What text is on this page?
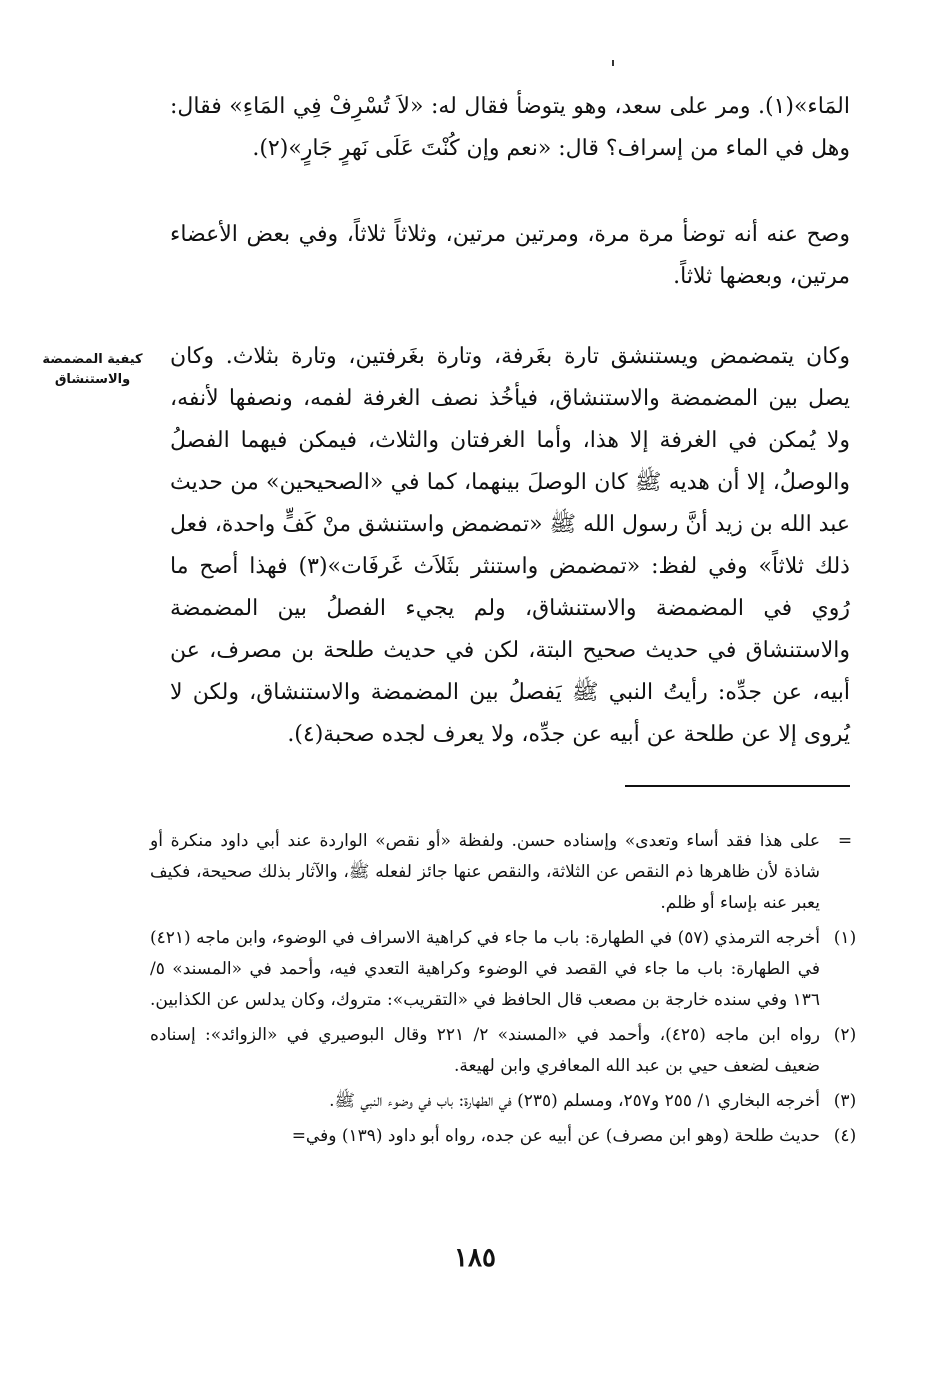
المَاء»(١). ومر على سعد، وهو يتوضأ فقال له: «لاَ تُسْرِفْ فِي المَاءِ» فقال: وهل في الماء من إسراف؟ قال: «نعم وإن كُنْتَ عَلَى نَهرٍ جَارٍ»(٢).

وصح عنه أنه توضأ مرة مرة، ومرتين مرتين، وثلاثاً ثلاثاً، وفي بعض الأعضاء مرتين، وبعضها ثلاثاً.

وكان يتمضمض ويستنشق تارة بغَرفة، وتارة بغَرفتين، وتارة بثلاث. وكان يصل بين المضمضة والاستنشاق، فيأخُذ نصف الغرفة لفمه، ونصفها لأنفه، ولا يُمكن في الغرفة إلا هذا، وأما الغرفتان والثلاث، فيمكن فيهما الفصلُ والوصلُ، إلا أن هديه ﷺ كان الوصلَ بينهما، كما في «الصحيحين» من حديث عبد الله بن زيد أنَّ رسول الله ﷺ «تمضمض واستنشق منْ كَفٍّ واحدة، فعل ذلك ثلاثاً» وفي لفظ: «تمضمض واستنثر بثَلاَث غَرفَات»(٣) فهذا أصح ما رُوي في المضمضة والاستنشاق، ولم يجيء الفصلُ بين المضمضة والاستنشاق في حديث صحيح البتة، لكن في حديث طلحة بن مصرف، عن أبيه، عن جدِّه: رأيتُ النبي ﷺ يَفصلُ بين المضمضة والاستنشاق، ولكن لا يُروى إلا عن طلحة عن أبيه عن جدِّه، ولا يعرف لجده صحبة(٤).

كيفية المضمضة والاستنشاق
=
على هذا فقد أساء وتعدى» وإسناده حسن. ولفظة «أو نقص» الواردة عند أبي داود منكرة أو شاذة لأن ظاهرها ذم النقص عن الثلاثة، والنقص عنها جائز لفعله ﷺ، والآثار بذلك صحيحة، فكيف يعبر عنه بإساء أو ظلم.
(١)
أخرجه الترمذي (٥٧) في الطهارة: باب ما جاء في كراهية الاسراف في الوضوء، وابن ماجه (٤٢١) في الطهارة: باب ما جاء في القصد في الوضوء وكراهية التعدي فيه، وأحمد في «المسند» ٥/ ١٣٦ وفي سنده خارجة بن مصعب قال الحافظ في «التقريب»: متروك، وكان يدلس عن الكذابين.
(٢)
رواه ابن ماجه (٤٢٥)، وأحمد في «المسند» ٢/ ٢٢١ وقال البوصيري في «الزوائد»: إسناده ضعيف لضعف حيي بن عبد الله المعافري وابن لهيعة.
(٣)
أخرجه البخاري ١/ ٢٥٥ و٢٥٧، ومسلم (٢٣٥) في الطهارة: باب في وضوء النبي ﷺ.
(٤)
حديث طلحة (وهو ابن مصرف) عن أبيه عن جده، رواه أبو داود (١٣٩) وفي=
١٨٥
